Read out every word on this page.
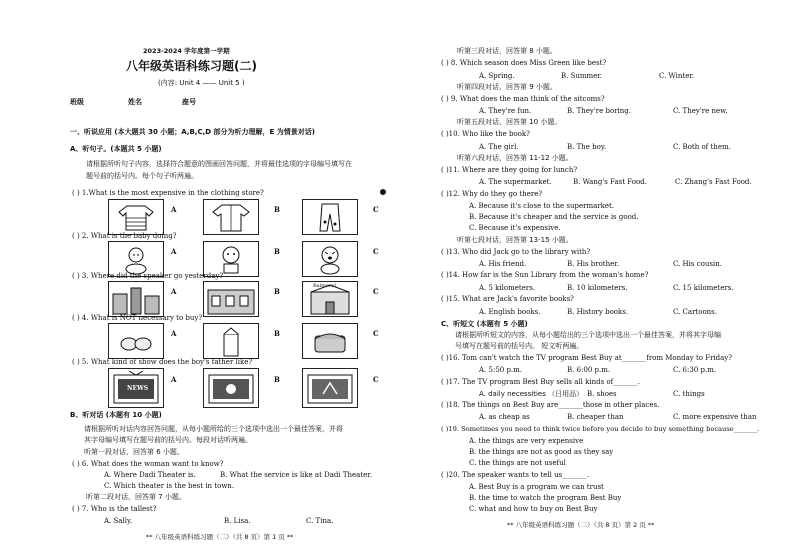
2023-2024 学年度第一学期
八年级英语科练习题(二)
(内容: Unit 4 —— Unit 5 )
班级	姓名	座号
一、听说应用 (本大题共 30 小题；A,B,C,D 部分为听力理解，E 为情景对话)
A、听句子。(本题共 5 小题)
请根据所听句子内容，选择符合题意的图画回答问题，并将最佳选项的字母编号填写在
题号前的括号内。每个句子听两遍。
( ) 1.What is the most expensive in the clothing store?
A	B	C
( ) 2. What is the baby doing?
A	B	C
( ) 3. Where did the speaker go yesterday?
A	B
Balmoral
C
( ) 4. What is NOT necessary to buy?
A	B	C
( ) 5. What kind of show does the boy's father like?
NEWS
A	B	C
B、听对话 (本题有 10 小题)
请根据所听对话内容回答问题，从每小题所给的三个选项中选出一个最佳答案，并将
其字母编号填写在题号前的括号内。每段对话听两遍。
听第一段对话，回答第 6 小题。
( ) 6. What does the woman want to know?
A. Where Dadi Theater is.	B. What the service is like at Dadi Theater.
C. Which theater is the best in town.
听第二段对话，回答第 7 小题。
( ) 7. Who is the tallest?
A. Sally.	B. Lisa.	C. Tina.
** 八年级英语科练习题（二）（共 8 页）第 1 页 **
听第三段对话，回答第 8 小题。
( ) 8. Which season does Miss Green like best?
A. Spring.	B. Summer.	C. Winter.
听第四段对话，回答第 9 小题。
( ) 9. What does the man think of the sitcoms?
A. They're fun.	B. They're boring.	C. They're new.
听第五段对话，回答第 10 小题。
( )10. Who like the book?
A. The girl.	B. The boy.	C. Both of them.
听第六段对话，回答第 11-12 小题。
( )11. Where are they going for lunch?
A. The supermarket.	B. Wang's Fast Food.	C. Zhang's Fast Food.
( )12. Why do they go there?
A. Because it's close to the supermarket.
B. Because it's cheaper and the service is good.
C. Because it's expensive.
听第七段对话，回答第 13-15 小题。
( )13. Who did Jack go to the library with?
A. His friend.	B. His brother.	C. His cousin.
( )14. How far is the Sun Library from the woman's home?
A. 5 kilometers.	B. 10 kilometers.	C. 15 kilometers.
( )15. What are Jack's favorite books?
A. English books.	B. History books.	C. Cartoons.
C、听短文 (本题有 5 小题)
请根据所听短文的内容，从每小题给出的三个选项中选出一个最佳答案，并将其字母编
号填写在题号前的括号内。 短文听两遍。
( )16. Tom can't watch the TV program Best Buy at_______from Monday to Friday?
A. 5:50 p.m.	B. 6:00 p.m.	C. 6:30 p.m.
( )17. The TV program Best Buy sells all kinds of_______.
A. daily necessities （日用品） B. shoes	C. things
( )18. The things on Best Buy are_______those in other places.
A. as cheap as	B. cheaper than	C. more expensive than
( )19. Sometimes you need to think twice before you decide to buy something because_______.
A. the things are very expensive
B. the things are not as good as they say
C. the things are not useful
( )20. The speaker wants to tell us_______.
A. Best Buy is a program we can trust
B. the time to watch the program Best Buy
C. what and how to buy on Best Buy
** 八年级英语科练习题（二）（共 8 页）第 2 页 **
